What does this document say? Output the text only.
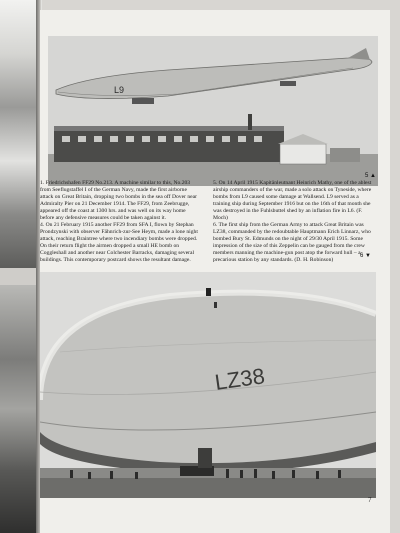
L9
5 ▲

1. Friedrichshafen FF29 No.213. A machine similar to this, No.203 from Seeflugstaffel I of the German Navy, made the first airborne attack on Great Britain, dropping two bombs in the sea off Dover near Admiralty Pier on 21 December 1914. The FF29, from Zeebrugge, appeared off the coast at 1300 hrs. and was well on its way home before any defensive measures could be taken against it.

4. On 21 February 1915 another FF29 from SFA I, flown by Stephan Prondzynski with observer Fähnrich-zur-See Heym, made a lone night attack, reaching Braintree where two incendiary bombs were dropped. On their return flight the airmen dropped a small HE bomb on Coggleshall and another near Colchester Barracks, damaging several buildings. This contemporary postcard shows the resultant damage.

5. On 14 April 1915 Kapitänleutnant Heinrich Mathy, one of the ablest airship commanders of the war, made a solo attack on Tyneside, where bombs from L9 caused some damage at Wallsend. L9 served as a training ship during September 1916 but on the 16th of that month she was destroyed in the Fuhlsbuttel shed by an inflation fire in L6. (F. Moch)

6. The first ship from the German Army to attack Great Britain was LZ38, commanded by the redoubtable Hauptmann Erich Linnarz, who bombed Bury St. Edmunds on the night of 29/30 April 1915. Some impression of the size of this Zeppelin can be gauged from the crew members manning the machine-gun post atop the forward hull – a precarious station by any standards. (D. H. Robinson)

6 ▼
LZ38
7
